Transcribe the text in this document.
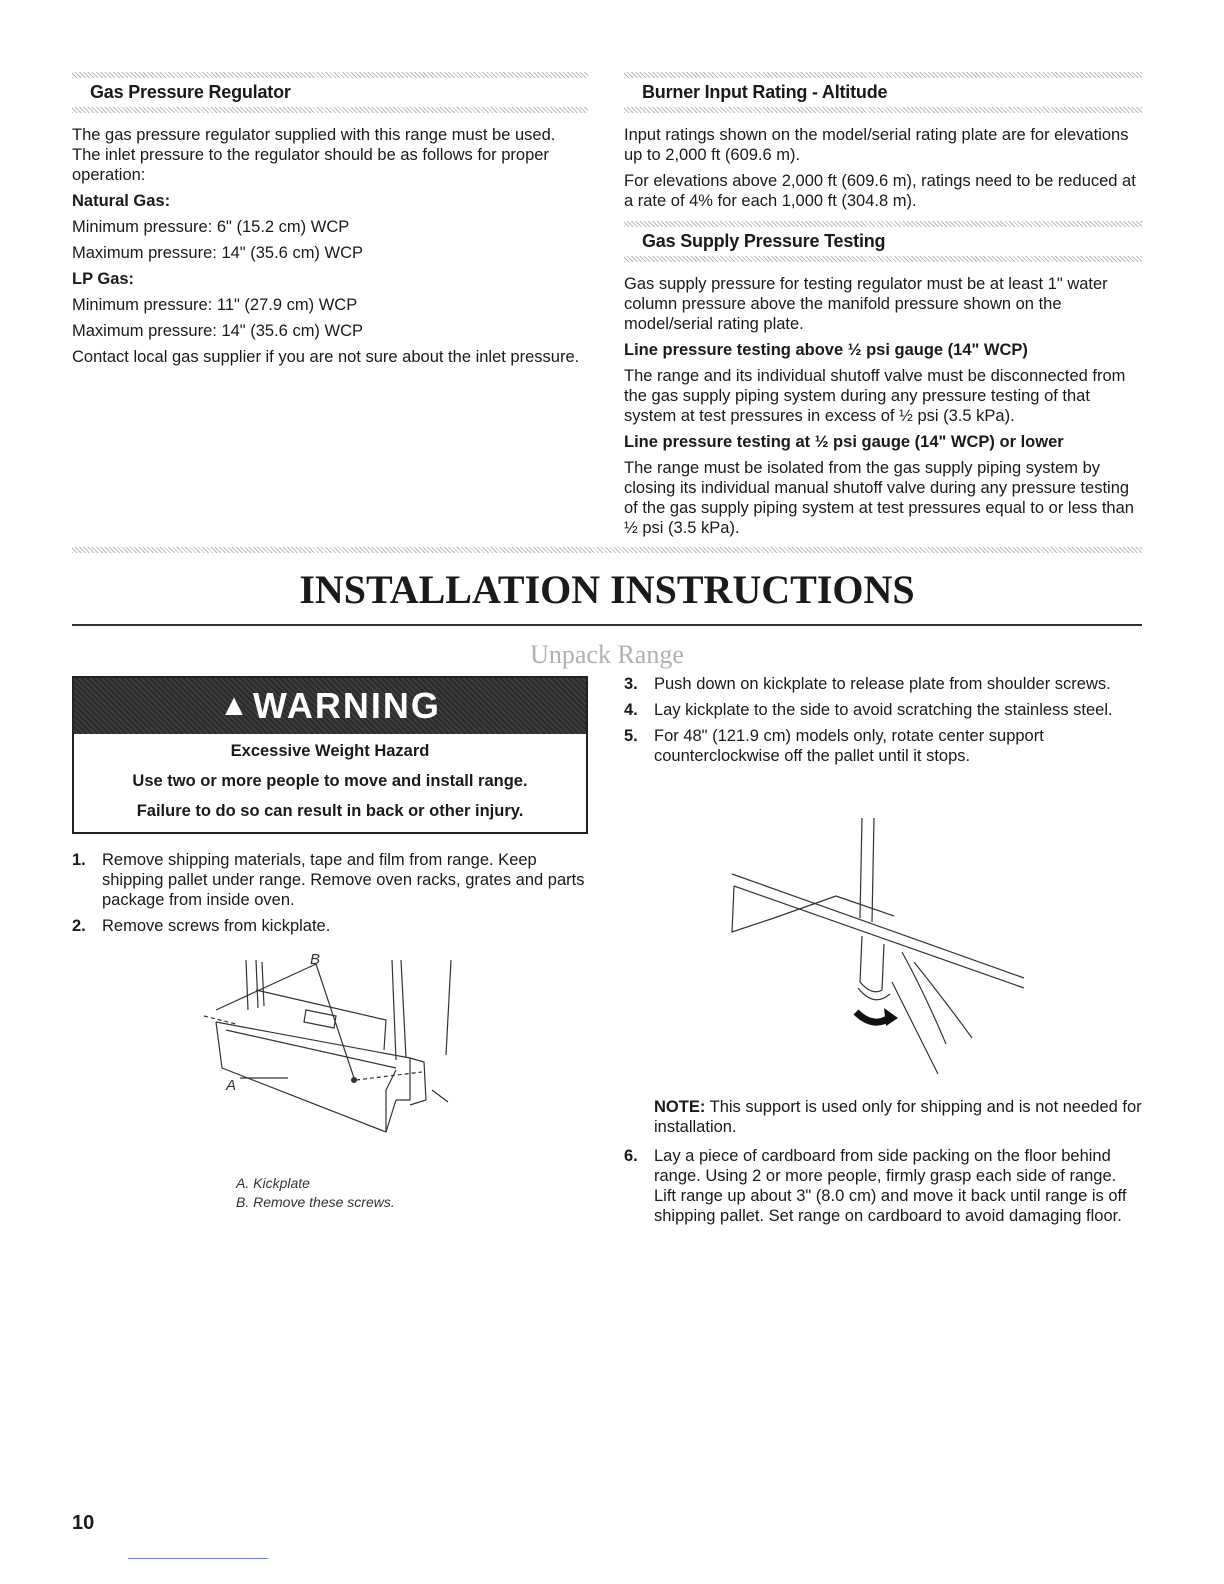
Gas Pressure Regulator

The gas pressure regulator supplied with this range must be used. The inlet pressure to the regulator should be as follows for proper operation:

Natural Gas:

Minimum pressure: 6" (15.2 cm) WCP

Maximum pressure: 14" (35.6 cm) WCP

LP Gas:

Minimum pressure: 11" (27.9 cm) WCP

Maximum pressure: 14" (35.6 cm) WCP

Contact local gas supplier if you are not sure about the inlet pressure.

Burner Input Rating - Altitude

Input ratings shown on the model/serial rating plate are for elevations up to 2,000 ft (609.6 m).

For elevations above 2,000 ft (609.6 m), ratings need to be reduced at a rate of 4% for each 1,000 ft (304.8 m).

Gas Supply Pressure Testing

Gas supply pressure for testing regulator must be at least 1" water column pressure above the manifold pressure shown on the model/serial rating plate.

Line pressure testing above ½ psi gauge (14" WCP)

The range and its individual shutoff valve must be disconnected from the gas supply piping system during any pressure testing of that system at test pressures in excess of ½ psi (3.5 kPa).

Line pressure testing at ½ psi gauge (14" WCP) or lower

The range must be isolated from the gas supply piping system by closing its individual manual shutoff valve during any pressure testing of the gas supply piping system at test pressures equal to or less than ½ psi (3.5 kPa).

INSTALLATION INSTRUCTIONS
Unpack Range
▲ WARNING
Excessive Weight Hazard
Use two or more people to move and install range.
Failure to do so can result in back or other injury.
1. Remove shipping materials, tape and film from range. Keep shipping pallet under range. Remove oven racks, grates and parts package from inside oven.
2. Remove screws from kickplate.
B
A
A. Kickplate
B. Remove these screws.
3. Push down on kickplate to release plate from shoulder screws.
4. Lay kickplate to the side to avoid scratching the stainless steel.
5. For 48" (121.9 cm) models only, rotate center support counterclockwise off the pallet until it stops.

NOTE: This support is used only for shipping and is not needed for installation.

6. Lay a piece of cardboard from side packing on the floor behind range. Using 2 or more people, firmly grasp each side of range. Lift range up about 3" (8.0 cm) and move it back until range is off shipping pallet. Set range on cardboard to avoid damaging floor.
10
